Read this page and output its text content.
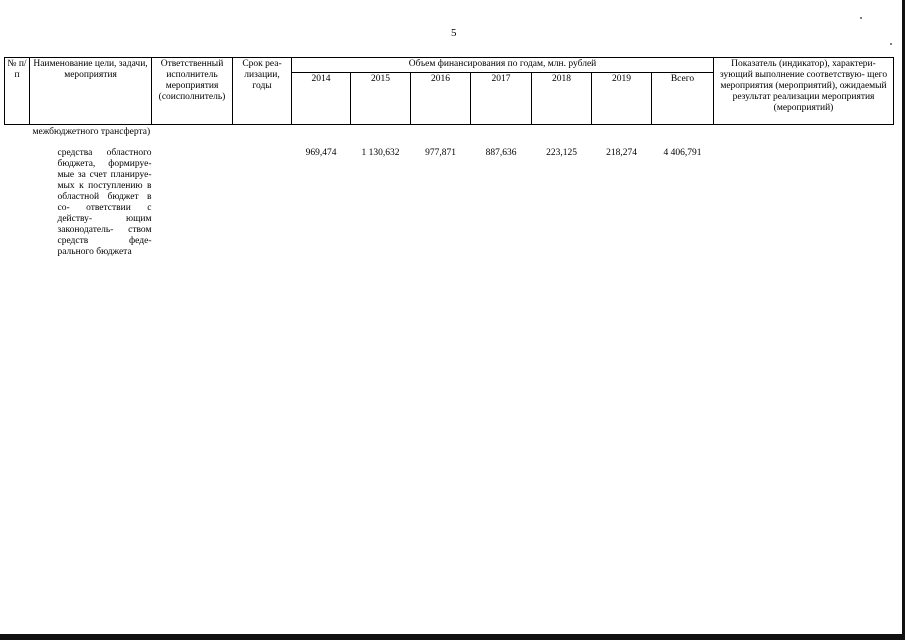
5
№ п/п	Наименование цели, задачи, мероприятия	Ответственный исполнитель мероприятия (соисполнитель)	Срок реа- лизации, годы	Объем финансирования по годам, млн. рублей							Показатель (индикатор), характери- зующий выполнение соответствую- щего мероприятия (мероприятий), ожидаемый результат реализации мероприятия (мероприятий)
				2014	2015	2016	2017	2018	2019	Всего	
межбюджетного трансферта)											

	средства областного бюджета, формируе- мые за счет планируе- мых к поступлению в областной бюджет в со- ответствии с действу- ющим законодатель- ством средств феде- рального бюджета			969,474	1 130,632	977,871	887,636	223,125	218,274	4 406,791	
